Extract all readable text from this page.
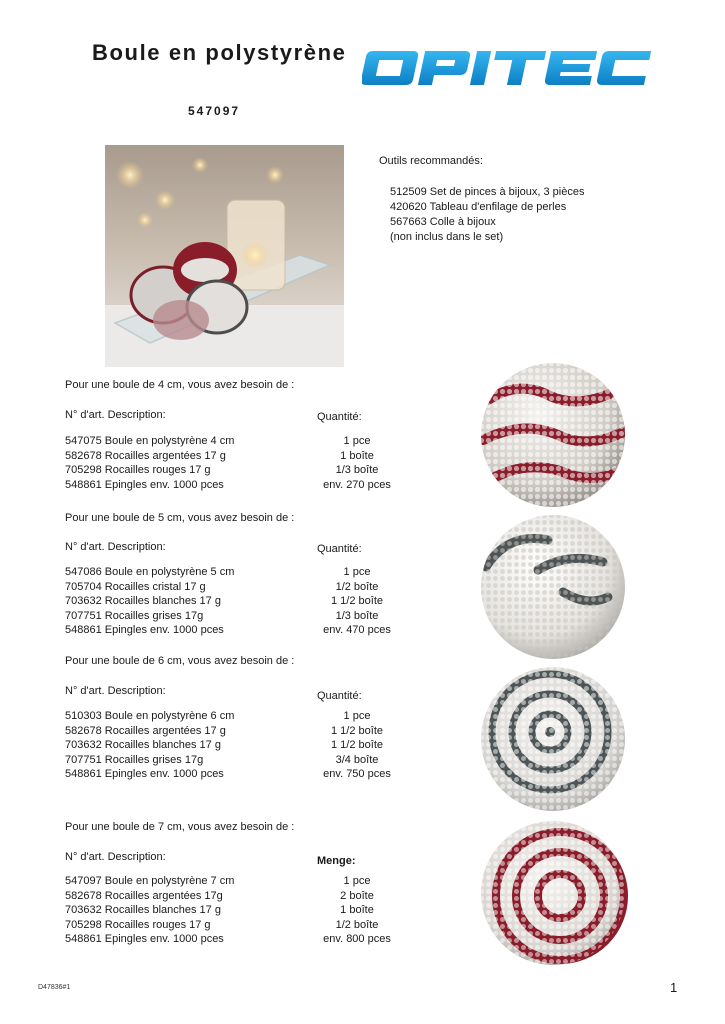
Boule en polystyrène
547097
Outils recommandés:
512509 Set de pinces à bijoux, 3 pièces
420620 Tableau d'enfilage de perles
567663 Colle à bijoux
(non inclus dans le set)
Pour une boule de 4 cm, vous avez besoin de :
N° d'art. Description:	Quantité:
547075 Boule en polystyrène 4 cm	1 pce
582678 Rocailles argentées 17 g	1 boîte
705298 Rocailles rouges 17 g	1/3 boîte
548861 Epingles env. 1000 pces	env. 270 pces
Pour une boule de 5 cm, vous avez besoin de :
N° d'art. Description:	Quantité:
547086 Boule en polystyrène 5 cm	1 pce
705704 Rocailles cristal 17 g	1/2 boîte
703632 Rocailles blanches 17 g	1 1/2 boîte
707751 Rocailles grises 17g	1/3 boîte
548861 Epingles env. 1000 pces	env. 470 pces
Pour une boule de 6 cm, vous avez besoin de :
N° d'art. Description:	Quantité:
510303 Boule en polystyrène 6 cm	1 pce
582678 Rocailles argentées 17 g	1 1/2 boîte
703632 Rocailles blanches 17 g	1 1/2 boîte
707751 Rocailles grises 17g	3/4 boîte
548861 Epingles env. 1000 pces	env. 750 pces
Pour une boule de 7 cm, vous avez besoin de :
N° d'art. Description:	Menge:
547097 Boule en polystyrène 7 cm	1 pce
582678 Rocailles argentées 17g	2 boîte
703632 Rocailles blanches 17 g	1 boîte
705298 Rocailles rouges 17 g	1/2 boîte
548861 Epingles env. 1000 pces	env. 800 pces
D47836#1	1
